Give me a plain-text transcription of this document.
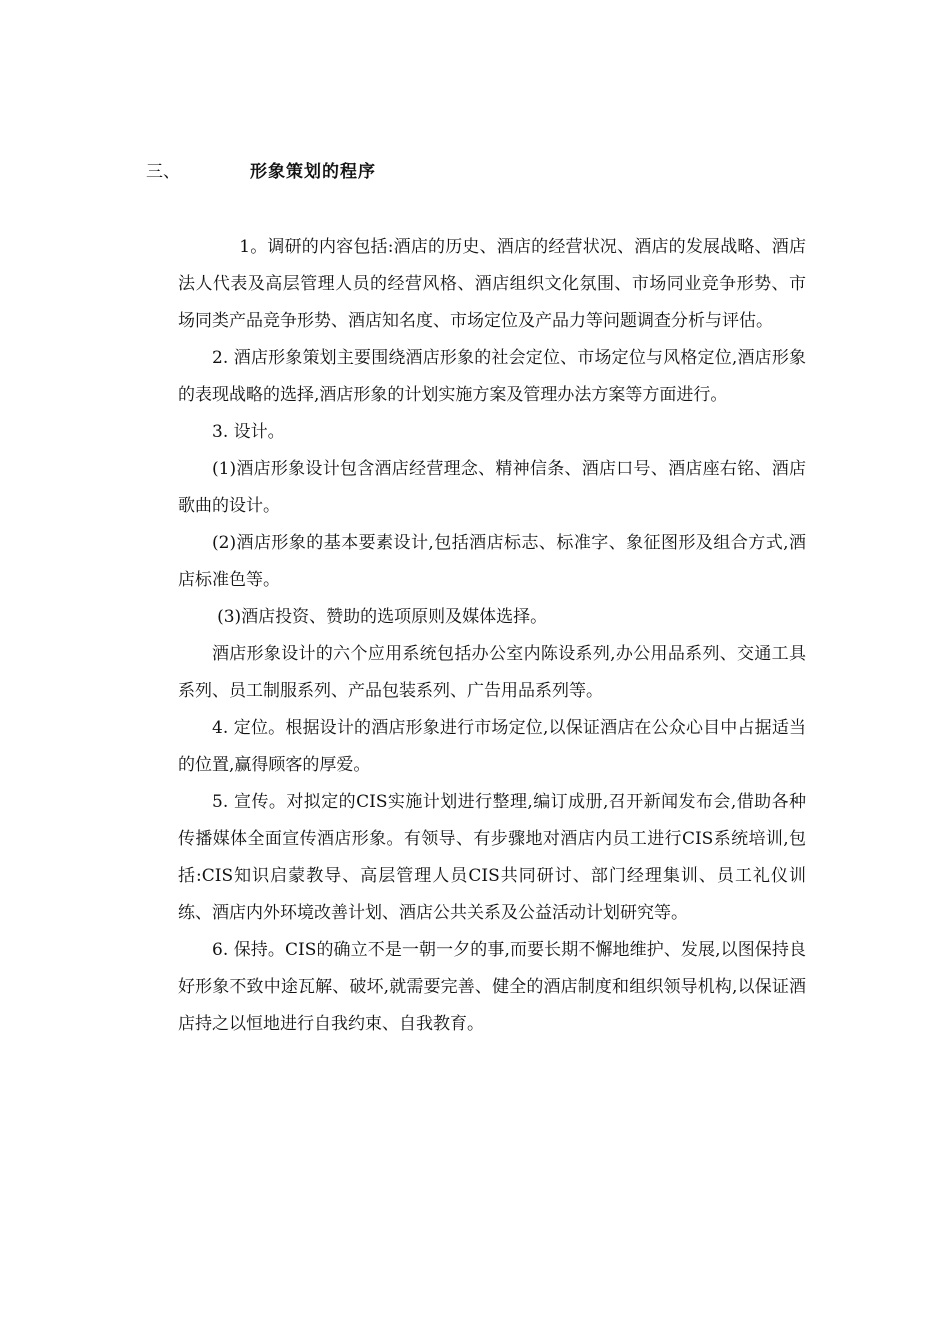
三、	形象策划的程序

1。调研的内容包括:酒店的历史、酒店的经营状况、酒店的发展战略、酒店法人代表及高层管理人员的经营风格、酒店组织文化氛围、市场同业竞争形势、市场同类产品竞争形势、酒店知名度、市场定位及产品力等问题调查分析与评估。

2. 酒店形象策划主要围绕酒店形象的社会定位、市场定位与风格定位,酒店形象的表现战略的选择,酒店形象的计划实施方案及管理办法方案等方面进行。

3. 设计。

(1)酒店形象设计包含酒店经营理念、精神信条、酒店口号、酒店座右铭、酒店歌曲的设计。

(2)酒店形象的基本要素设计,包括酒店标志、标准字、象征图形及组合方式,酒店标准色等。

(3)酒店投资、赞助的选项原则及媒体选择。

酒店形象设计的六个应用系统包括办公室内陈设系列,办公用品系列、交通工具系列、员工制服系列、产品包装系列、广告用品系列等。

4. 定位。根据设计的酒店形象进行市场定位,以保证酒店在公众心目中占据适当的位置,赢得顾客的厚爱。

5. 宣传。对拟定的CIS实施计划进行整理,编订成册,召开新闻发布会,借助各种传播媒体全面宣传酒店形象。有领导、有步骤地对酒店内员工进行CIS系统培训,包括:CIS知识启蒙教导、高层管理人员CIS共同研讨、部门经理集训、员工礼仪训练、酒店内外环境改善计划、酒店公共关系及公益活动计划研究等。

6. 保持。CIS的确立不是一朝一夕的事,而要长期不懈地维护、发展,以图保持良好形象不致中途瓦解、破坏,就需要完善、健全的酒店制度和组织领导机构,以保证酒店持之以恒地进行自我约束、自我教育。
